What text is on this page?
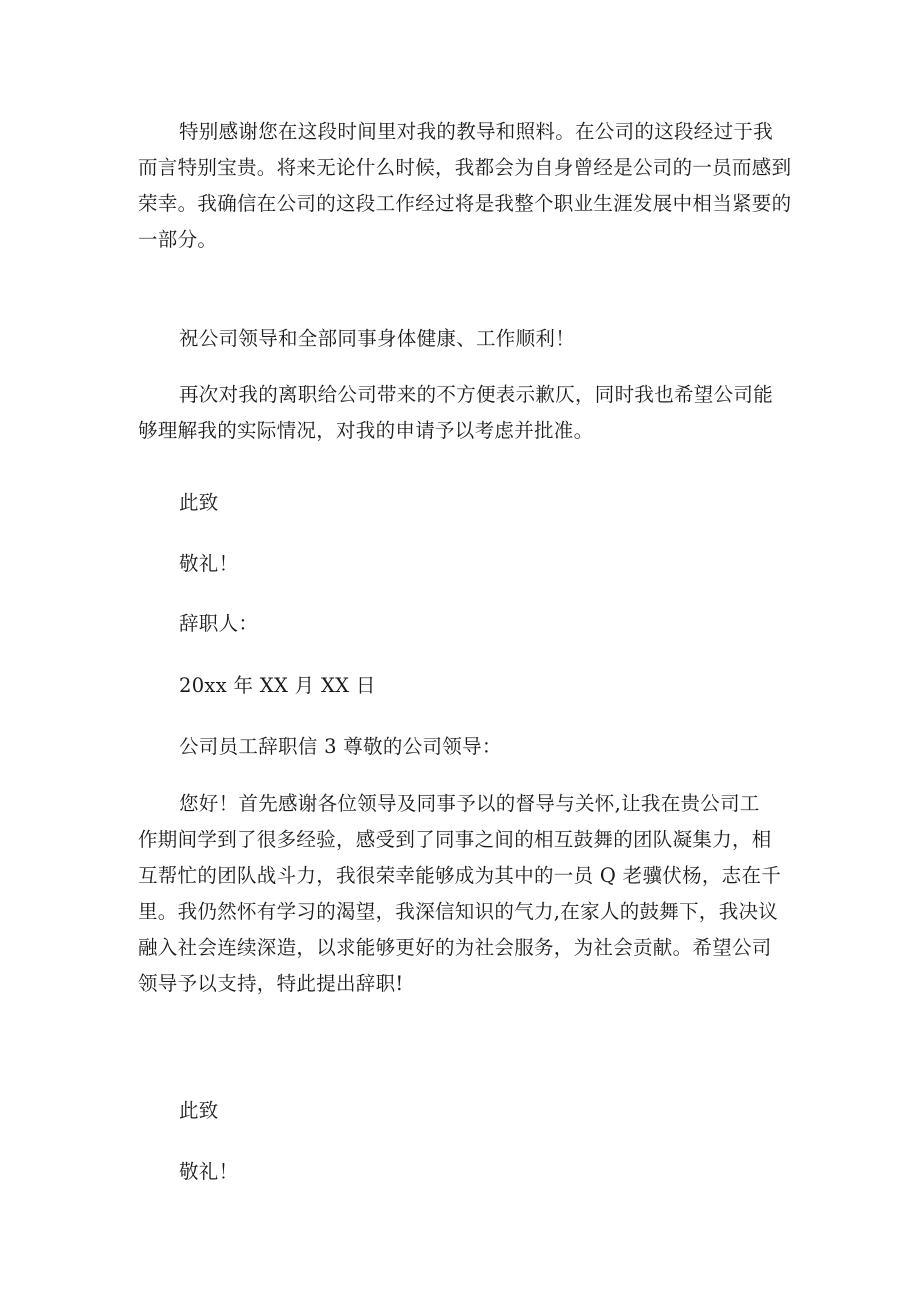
特别感谢您在这段时间里对我的教导和照料。在公司的这段经过于我
而言特别宝贵。将来无论什么时候，我都会为自身曾经是公司的一员而感到
荣幸。我确信在公司的这段工作经过将是我整个职业生涯发展中相当紧要的
一部分。
祝公司领导和全部同事身体健康、工作顺利！
再次对我的离职给公司带来的不方便表示歉仄，同时我也希望公司能
够理解我的实际情况，对我的申请予以考虑并批准。
此致
敬礼！
辞职人：
20xx 年 XX 月 XX 日
公司员工辞职信 3 尊敬的公司领导：
您好！首先感谢各位领导及同事予以的督导与关怀,让我在贵公司工
作期间学到了很多经验，感受到了同事之间的相互鼓舞的团队凝集力，相
互帮忙的团队战斗力，我很荣幸能够成为其中的一员 Q 老骥伏杨，志在千
里。我仍然怀有学习的渴望，我深信知识的气力,在家人的鼓舞下，我决议
融入社会连续深造，以求能够更好的为社会服务，为社会贡献。希望公司
领导予以支持，特此提出辞职!
此致
敬礼！
